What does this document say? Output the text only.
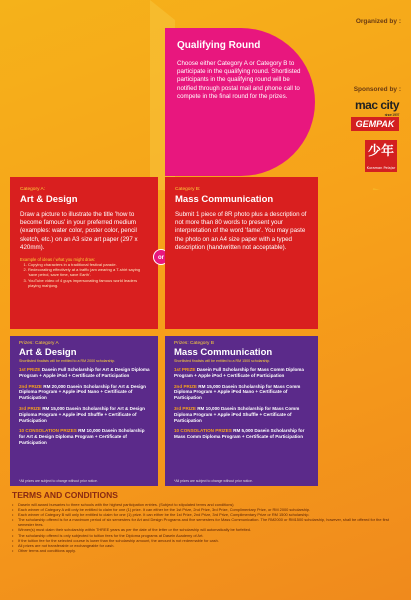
Organized by :
Sponsored by :
mac city
since 1997
GEMPAK
少年
Kuraman Pelajar
Qualifying Round

Choose either Category A or Category B to participate in the qualifying round. Shortlisted participants in the qualifying round will be notified through postal mail and phone call to compete in the final round for the prizes.

Category A:
Art & Design
Draw a picture to illustrate the title 'how to become famous' in your preferred medium (examples: water color, poster color, pencil sketch, etc.) on an A3 size art paper (297 x 420mm).
Example of ideas / what you might draw:
1. Copying characters in a traditional festival parade.
2. Redecorating effectively at a traffic jam wearing a T-shirt saying 'save petrol, save time, save Earth'.
3. YouTube video of 4 guys impersonating famous world leaders playing mahjong.
or
Category B:
Mass Communication
Submit 1 piece of 8R photo plus a description of not more than 80 words to present your interpretation of the word 'fame'. You may paste the photo on an A4 size paper with a typed description (handwritten not acceptable).
Prizes: Category A
Art & Design
Shortlisted finalists will be entitled to a RM 2000 scholarship.
1st PRIZE Dasein Full Scholarship for Art & Design Diploma Program + Apple iPod + Certificate of Participation
2nd PRIZE RM 20,000 Dasein Scholarship for Art & Design Diploma Program + Apple iPod Nano + Certificate of Participation
3rd PRIZE RM 15,000 Dasein Scholarship for Art & Design Diploma Program + Apple iPod Shuffle + Certificate of Participation
10 CONSOLATION PRIZES RM 10,000 Dasein Scholarship for Art & Design Diploma Program + Certificate of Participation
*All prizes are subject to change without prior notice.
Prizes: Category B
Mass Communication
Shortlisted finalists will be entitled to a RM 1500 scholarship.
1st PRIZE Dasein Full Scholarship for Mass Comm Diploma Program + Apple iPod + Certificate of Participation
2nd PRIZE RM 15,000 Dasein Scholarship for Mass Comm Diploma Program + Apple iPod Nano + Certificate of Participation
3rd PRIZE RM 10,000 Dasein Scholarship for Mass Comm Diploma Program + Apple iPod Shuffle + Certificate of Participation
10 CONSOLATION PRIZES RM 5,000 Dasein Scholarship for Mass Comm Diploma Program + Certificate of Participation
*All prizes are subject to change without prior notice.
TERMS AND CONDITIONS
• Dasein will award bursaries to three schools with the highest participation entries. (Subject to stipulated terms and conditions)
• Each winner of Category A will only be entitled to claim for one (1) prize. It can either be the 1st Prize, 2nd Prize, 3rd Prize, Complimentary Prize, or RM 2000 scholarship.
• Each winner of Category B will only be entitled to claim for one (1) prize. It can either be the 1st Prize, 2nd Prize, 3rd Prize, Complimentary Prize or RM 1500 scholarship.
• The scholarship offered is for a maximum period of six semesters for Art and Design Programs and five semesters for Mass Communication. The RM2000 or RM1500 scholarship, however, shall be offered for the first semester fees.
• Winner(s) must claim their scholarship within THREE years as per the date of the letter or the scholarship will automatically be forfeited.
• The scholarship offered is only subjected to tuition fees for the Diploma programs at Dasein Academy of Art.
• If the tuition fee for the selected course is lower than the scholarship amount, the amount is not redeemable for cash.
• All prizes are not transferable or exchangeable for cash.
• Other terms and conditions apply.
